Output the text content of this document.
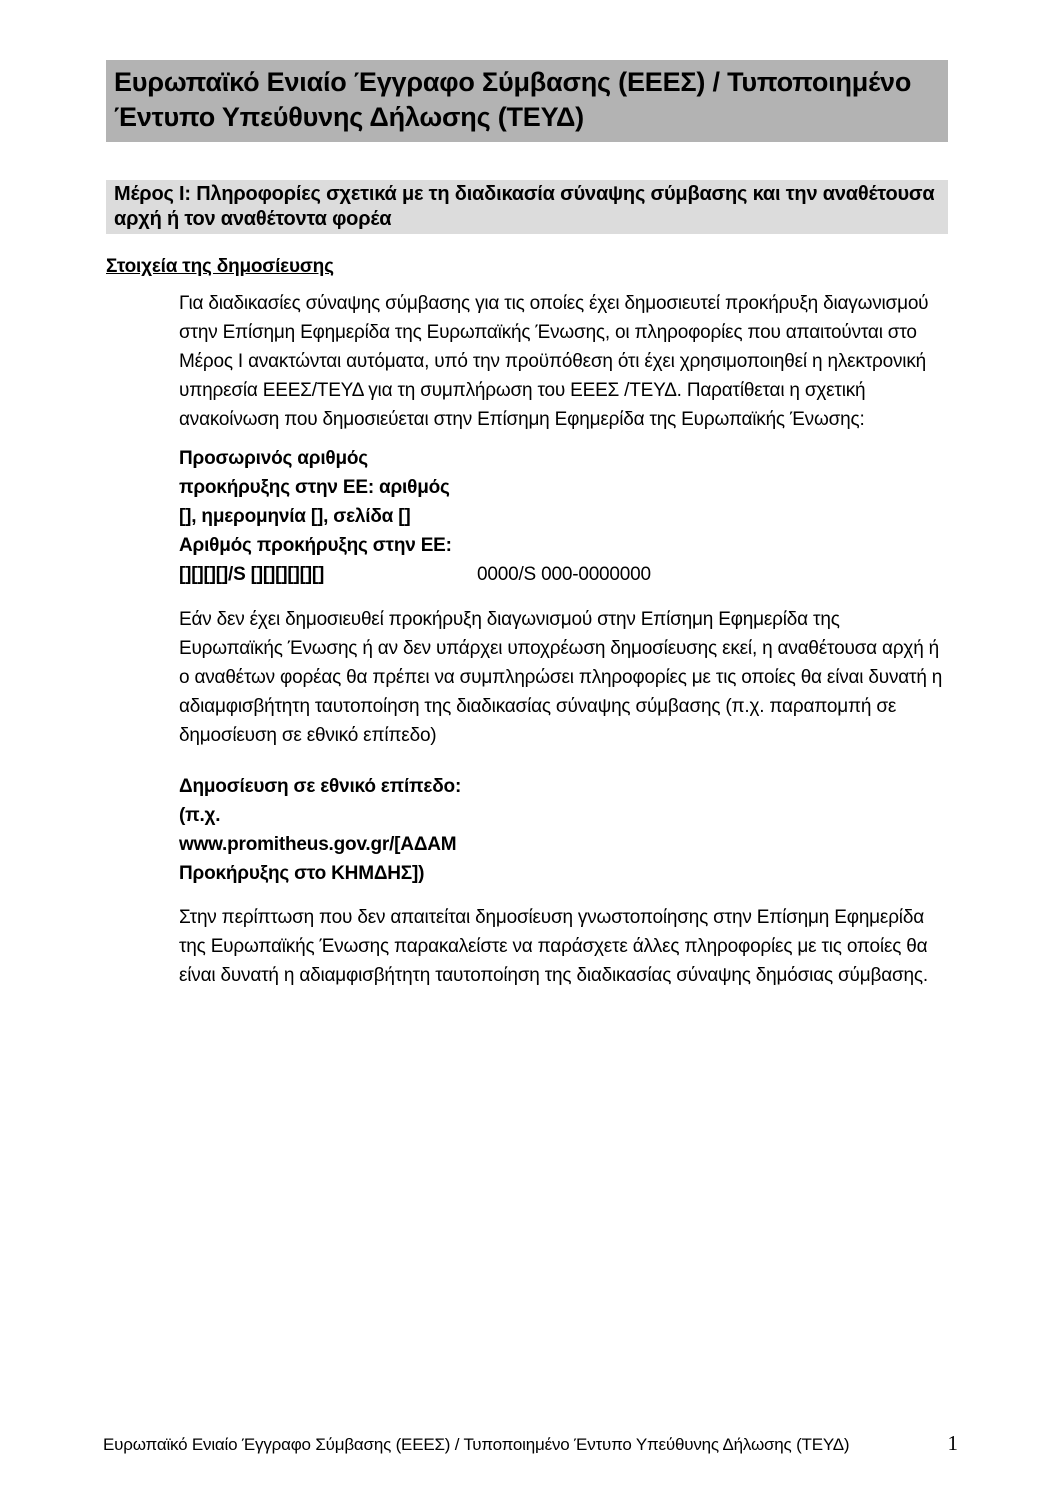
Ευρωπαϊκό Ενιαίο Έγγραφο Σύμβασης (ΕΕΕΣ) / Τυποποιημένο Έντυπο Υπεύθυνης Δήλωσης (ΤΕΥΔ)
Μέρος Ι: Πληροφορίες σχετικά με τη διαδικασία σύναψης σύμβασης και την αναθέτουσα αρχή ή τον αναθέτοντα φορέα
Στοιχεία της δημοσίευσης

Για διαδικασίες σύναψης σύμβασης για τις οποίες έχει δημοσιευτεί προκήρυξη διαγωνισμού στην Επίσημη Εφημερίδα της Ευρωπαϊκής Ένωσης, οι πληροφορίες που απαιτούνται στο Μέρος Ι ανακτώνται αυτόματα, υπό την προϋπόθεση ότι έχει χρησιμοποιηθεί η ηλεκτρονική υπηρεσία ΕΕΕΣ/ΤΕΥΔ για τη συμπλήρωση του ΕΕΕΣ /ΤΕΥΔ. Παρατίθεται η σχετική ανακοίνωση που δημοσιεύεται στην Επίσημη Εφημερίδα της Ευρωπαϊκής Ένωσης:

Προσωρινός αριθμός προκήρυξης στην ΕΕ: αριθμός [], ημερομηνία [], σελίδα []
Αριθμός προκήρυξης στην ΕΕ: [][][][]/S [][][][][][]	0000/S 000-0000000

Εάν δεν έχει δημοσιευθεί προκήρυξη διαγωνισμού στην Επίσημη Εφημερίδα της Ευρωπαϊκής Ένωσης ή αν δεν υπάρχει υποχρέωση δημοσίευσης εκεί, η αναθέτουσα αρχή ή ο αναθέτων φορέας θα πρέπει να συμπληρώσει πληροφορίες με τις οποίες θα είναι δυνατή η αδιαμφισβήτητη ταυτοποίηση της διαδικασίας σύναψης σύμβασης (π.χ. παραπομπή σε δημοσίευση σε εθνικό επίπεδο)

Δημοσίευση σε εθνικό επίπεδο: (π.χ. www.promitheus.gov.gr/[ΑΔΑΜ Προκήρυξης στο ΚΗΜΔΗΣ])

Στην περίπτωση που δεν απαιτείται δημοσίευση γνωστοποίησης στην Επίσημη Εφημερίδα της Ευρωπαϊκής Ένωσης παρακαλείστε να παράσχετε άλλες πληροφορίες με τις οποίες θα είναι δυνατή η αδιαμφισβήτητη ταυτοποίηση της διαδικασίας σύναψης δημόσιας σύμβασης.

Ευρωπαϊκό Ενιαίο Έγγραφο Σύμβασης (ΕΕΕΣ) / Τυποποιημένο Έντυπο Υπεύθυνης Δήλωσης (ΤΕΥΔ)	1
